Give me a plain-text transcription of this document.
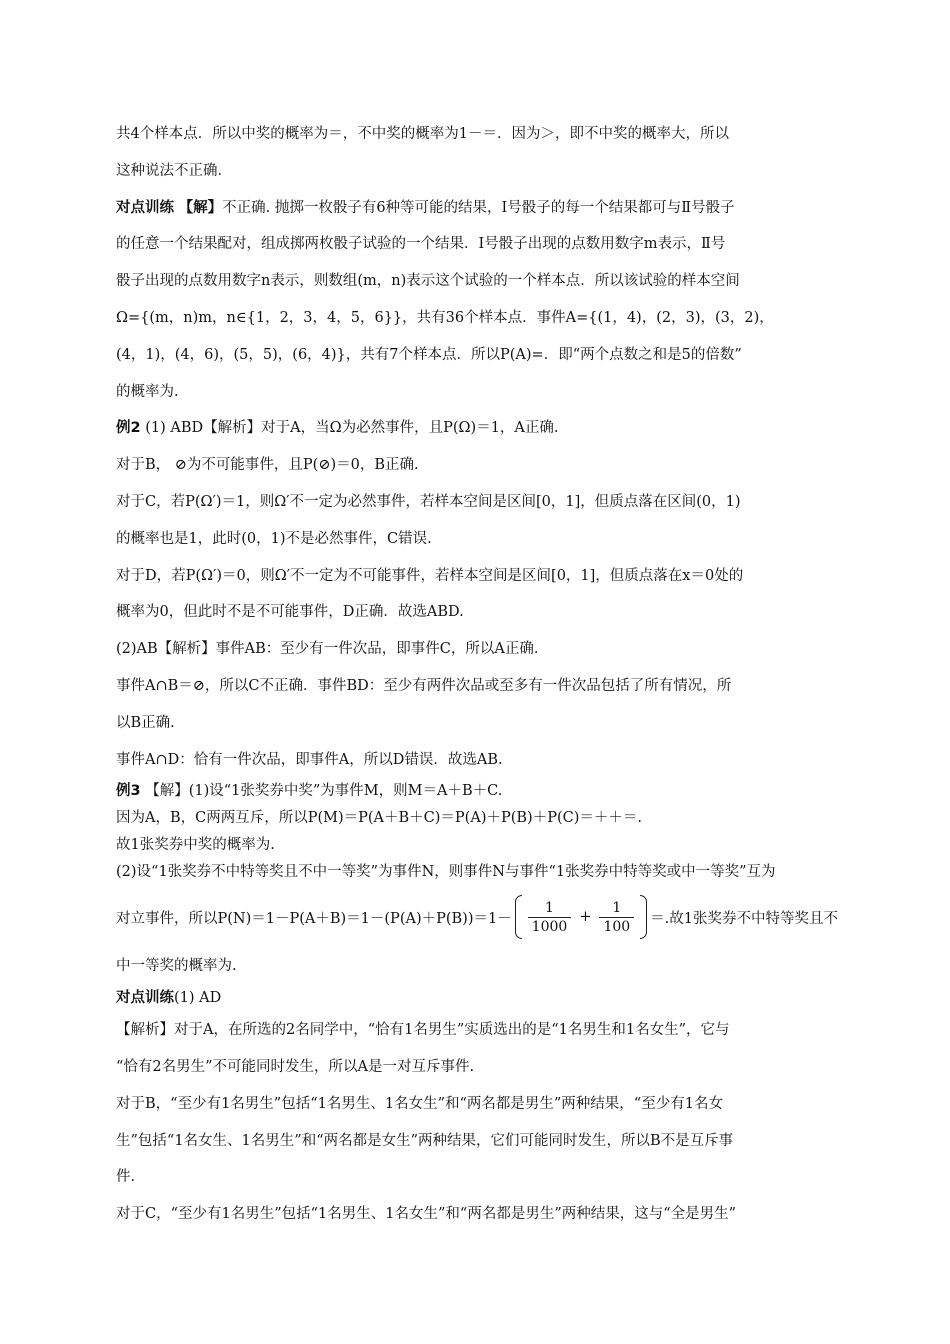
共4个样本点．所以中奖的概率为＝，不中奖的概率为1－＝．因为＞，即不中奖的概率大，所以

这种说法不正确．

对点训练 【解】不正确. 抛掷一枚骰子有6种等可能的结果，Ⅰ号骰子的每一个结果都可与Ⅱ号骰子

的任意一个结果配对，组成掷两枚骰子试验的一个结果．Ⅰ号骰子出现的点数用数字m表示，Ⅱ号

骰子出现的点数用数字n表示，则数组(m，n)表示这个试验的一个样本点．所以该试验的样本空间

Ω={(m，n)m，n∈{1，2，3，4，5，6}}，共有36个样本点．事件A={(1，4)，(2，3)，(3，2)，

(4，1)，(4，6)，(5，5)，(6，4)}，共有7个样本点．所以P(A)=．即“两个点数之和是5的倍数”

的概率为.

例2 (1) ABD【解析】对于A，当Ω为必然事件，且P(Ω)＝1，A正确.

对于B， ⊘为不可能事件，且P(⊘)＝0，B正确.

对于C，若P(Ω′)＝1，则Ω′不一定为必然事件，若样本空间是区间[0，1]，但质点落在区间(0，1)

的概率也是1，此时(0，1)不是必然事件，C错误.

对于D，若P(Ω′)＝0，则Ω′不一定为不可能事件，若样本空间是区间[0，1]，但质点落在x＝0处的

概率为0，但此时不是不可能事件，D正确．故选ABD.

(2)AB【解析】事件AB：至少有一件次品，即事件C，所以A正确.

事件A∩B＝⊘，所以C不正确．事件BD：至少有两件次品或至多有一件次品包括了所有情况，所

以B正确.

事件A∩D：恰有一件次品，即事件A，所以D错误．故选AB.

例3 【解】(1)设“1张奖券中奖”为事件M，则M＝A＋B＋C.

因为A，B，C两两互斥，所以P(M)＝P(A＋B＋C)＝P(A)＋P(B)＋P(C)＝＋＋＝.

故1张奖券中奖的概率为.

(2)设“1张奖券不中特等奖且不中一等奖”为事件N，则事件N与事件“1张奖券中特等奖或中一等奖”互为

对立事件，所以$P(N)=1-P(A+B)=1-(P(A)+P(B))=1- \frac{1}{1000} + \frac{1}{100}$ ＝.故1张奖券不中特等奖且不

中一等奖的概率为.

对点训练(1) AD

【解析】对于A，在所选的2名同学中，“恰有1名男生”实质选出的是“1名男生和1名女生”，它与

“恰有2名男生”不可能同时发生，所以A是一对互斥事件.

对于B，“至少有1名男生”包括“1名男生、1名女生”和“两名都是男生”两种结果，“至少有1名女

生”包括“1名女生、1名男生”和“两名都是女生”两种结果，它们可能同时发生，所以B不是互斥事

件.

对于C，“至少有1名男生”包括“1名男生、1名女生”和“两名都是男生”两种结果，这与“全是男生”
